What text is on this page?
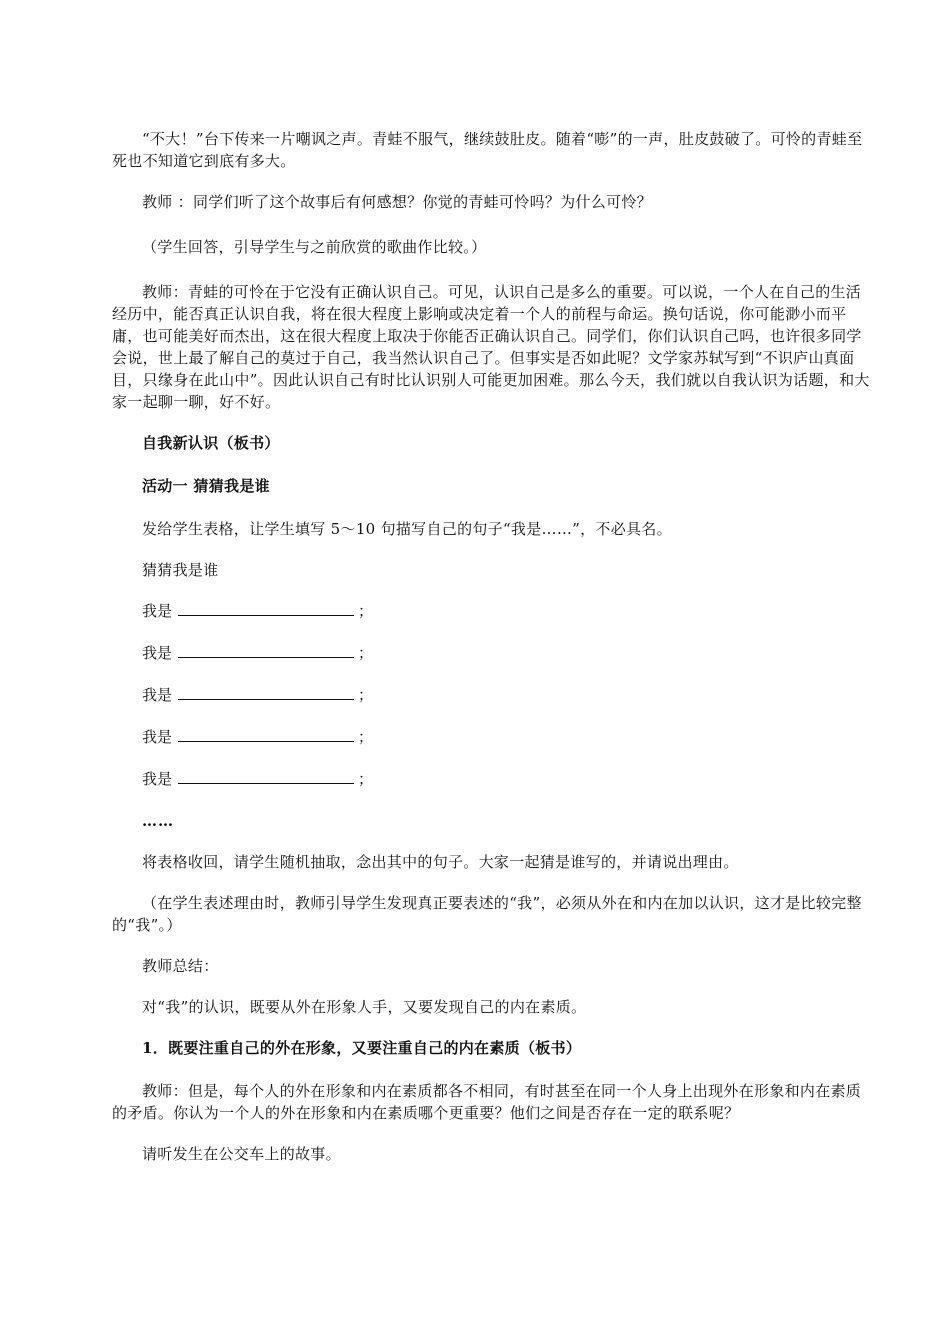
“不大！”台下传来一片嘲讽之声。青蛙不服气，继续鼓肚皮。随着“嘭”的一声，肚皮鼓破了。可怜的青蛙至死也不知道它到底有多大。

教师 ：同学们听了这个故事后有何感想？你觉的青蛙可怜吗？为什么可怜？

（学生回答，引导学生与之前欣赏的歌曲作比较。）

教师：青蛙的可怜在于它没有正确认识自己。可见，认识自己是多么的重要。可以说，一个人在自己的生活经历中，能否真正认识自我，将在很大程度上影响或决定着一个人的前程与命运。换句话说，你可能渺小而平庸，也可能美好而杰出，这在很大程度上取决于你能否正确认识自己。同学们，你们认识自己吗，也许很多同学会说，世上最了解自己的莫过于自己，我当然认识自己了。但事实是否如此呢？文学家苏轼写到“不识庐山真面目，只缘身在此山中”。因此认识自己有时比认识别人可能更加困难。那么今天，我们就以自我认识为话题，和大家一起聊一聊，好不好。

自我新认识（板书）

活动一 猜猜我是谁

发给学生表格，让学生填写 5～10 句描写自己的句子“我是……”，不必具名。

猜猜我是谁

我是	；
我是	；
我是	；
我是	；
我是	；

……

将表格收回，请学生随机抽取，念出其中的句子。大家一起猜是谁写的，并请说出理由。

（在学生表述理由时，教师引导学生发现真正要表述的“我”，必须从外在和内在加以认识，这才是比较完整的“我”。）

教师总结：

对“我”的认识，既要从外在形象人手，又要发现自己的内在素质。

1．既要注重自己的外在形象，又要注重自己的内在素质（板书）

教师：但是，每个人的外在形象和内在素质都各不相同，有时甚至在同一个人身上出现外在形象和内在素质的矛盾。你认为一个人的外在形象和内在素质哪个更重要？他们之间是否存在一定的联系呢？

请听发生在公交车上的故事。
